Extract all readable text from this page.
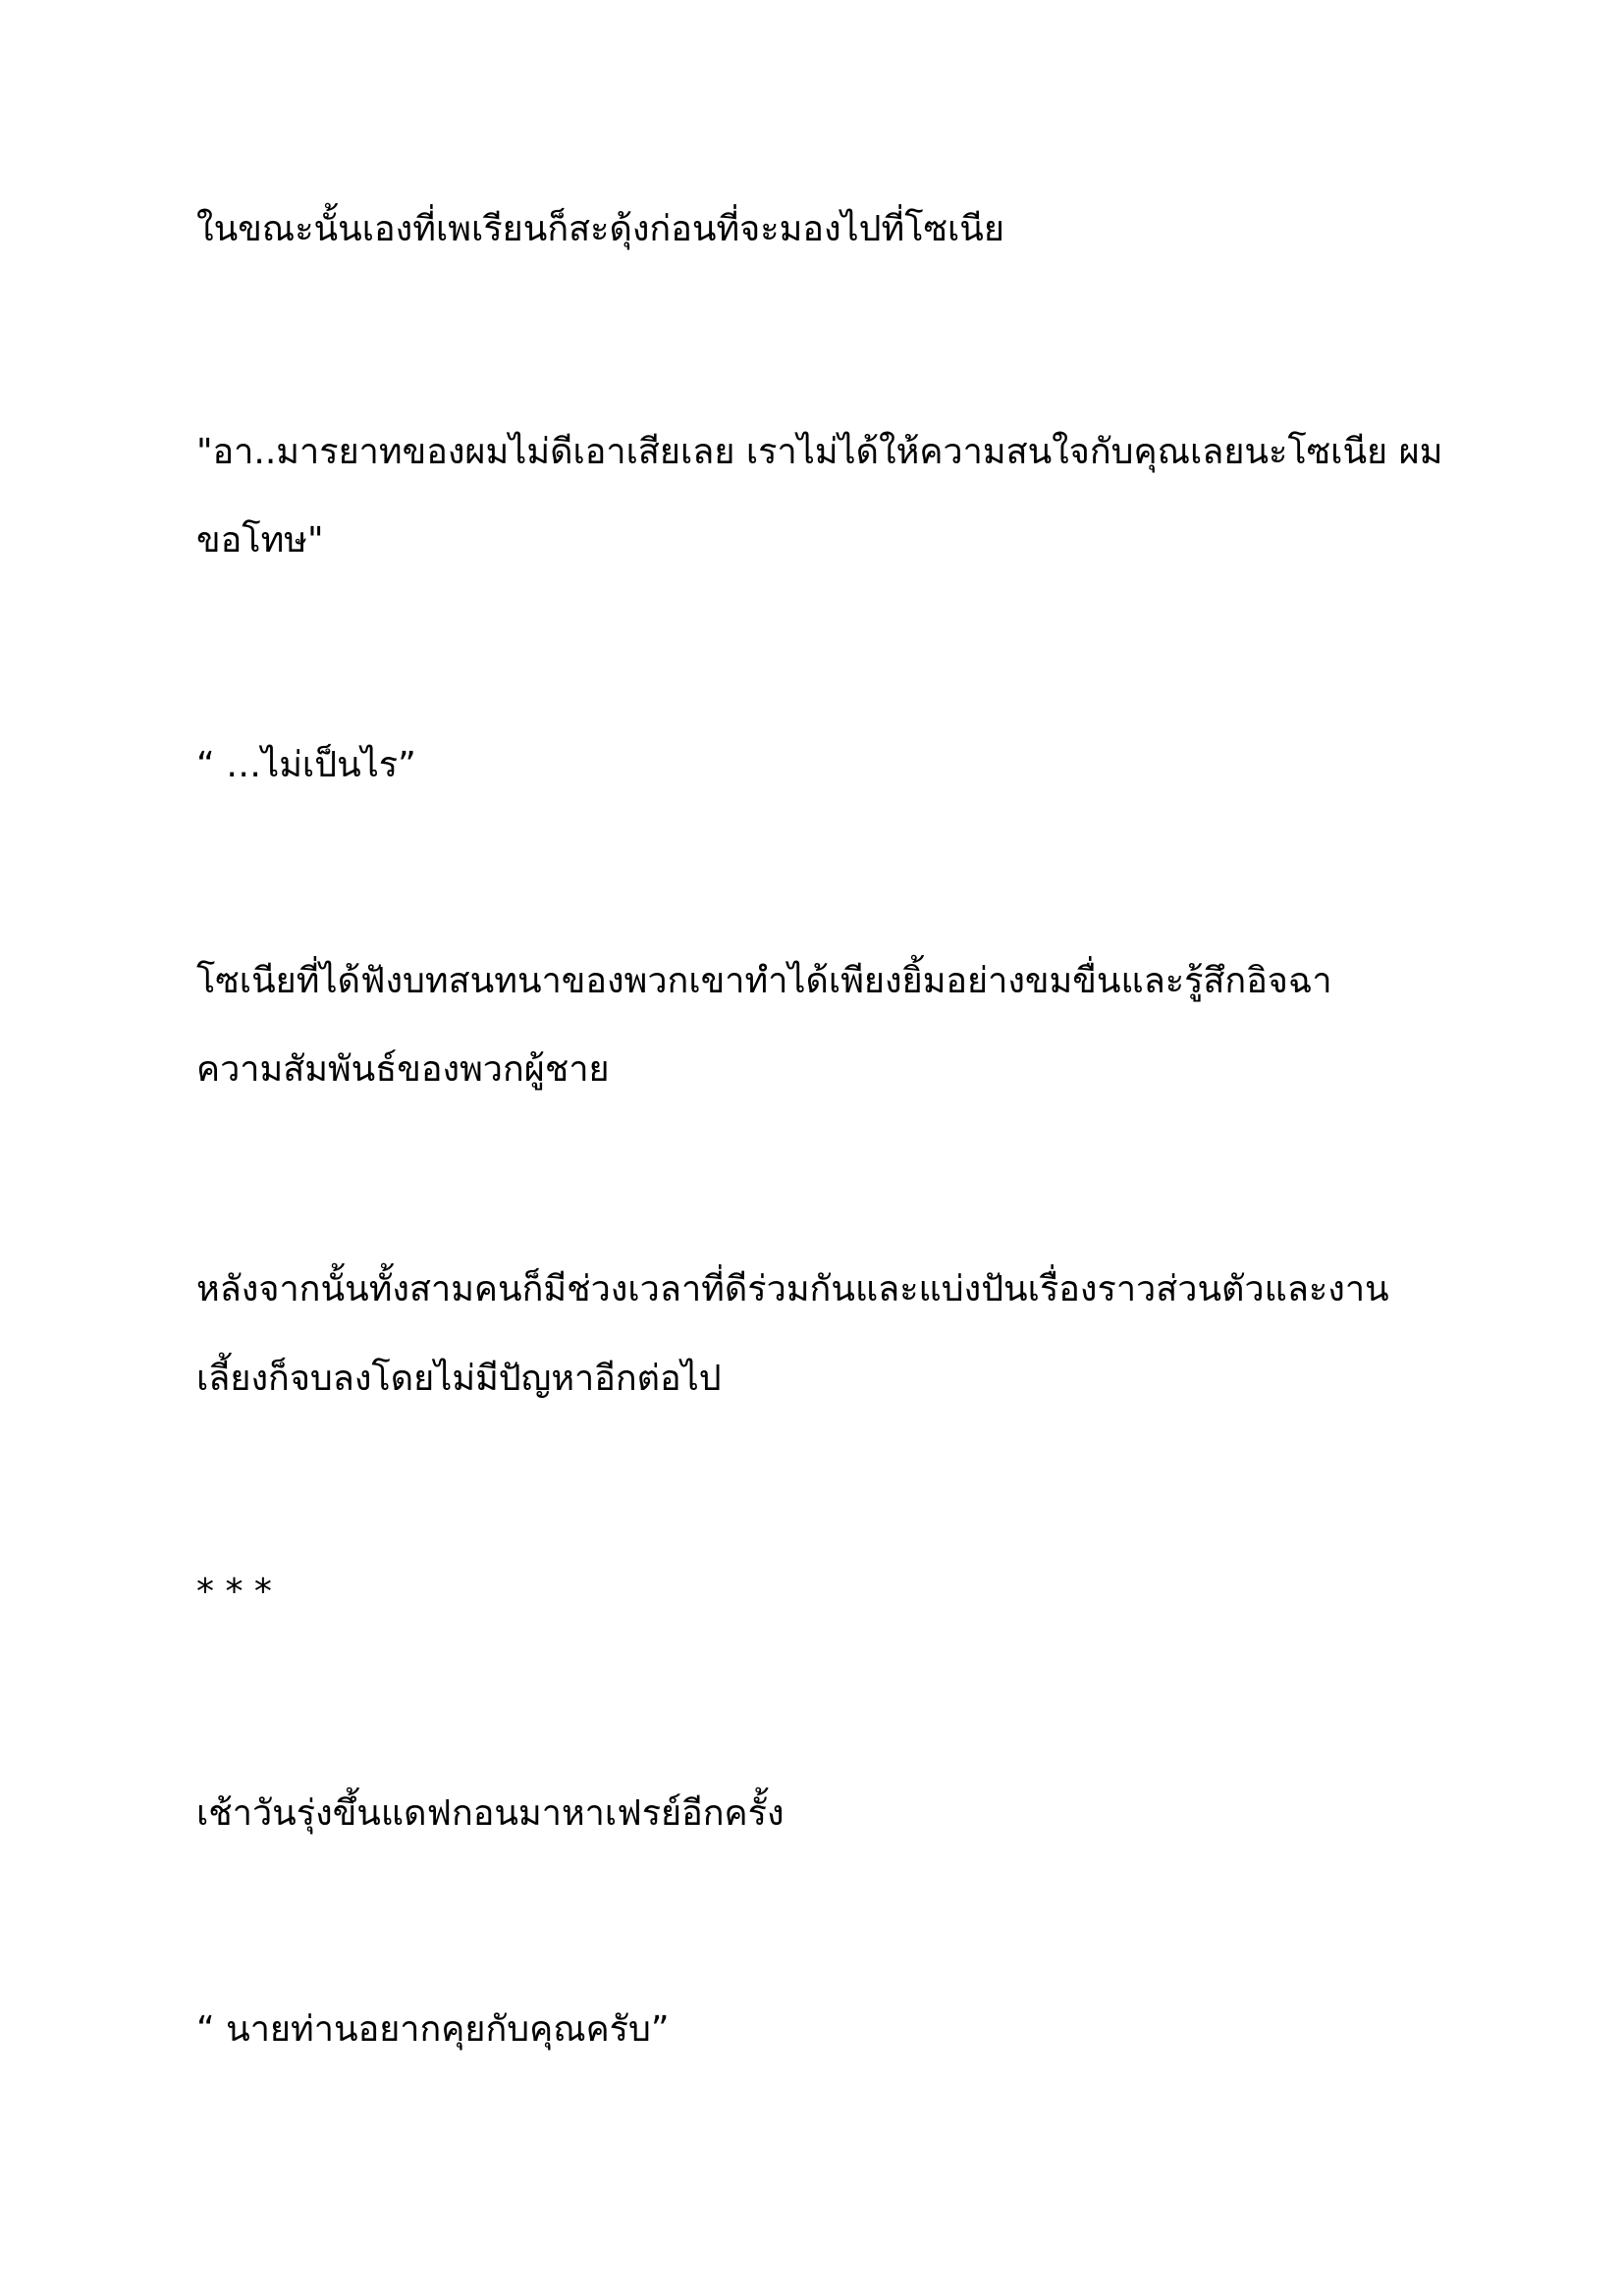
ในขณะนั้นเองที่เพเรียนก็สะดุ้งก่อนที่จะมองไปที่โซเนีย
"อา..มารยาทของผมไม่ดีเอาเสียเลย เราไม่ได้ให้ความสนใจกับคุณเลยนะโซเนีย ผม
ขอโทษ"
“ …ไม่เป็นไร”
โซเนียที่ได้ฟังบทสนทนาของพวกเขาทำได้เพียงยิ้มอย่างขมขื่นและรู้สึกอิจฉา
ความสัมพันธ์ของพวกผู้ชาย
หลังจากนั้นทั้งสามคนก็มีช่วงเวลาที่ดีร่วมกันและแบ่งปันเรื่องราวส่วนตัวและงาน
เลี้ยงก็จบลงโดยไม่มีปัญหาอีกต่อไป
* * *
เช้าวันรุ่งขึ้นแดฟกอนมาหาเฟรย์อีกครั้ง
“ นายท่านอยากคุยกับคุณครับ”
